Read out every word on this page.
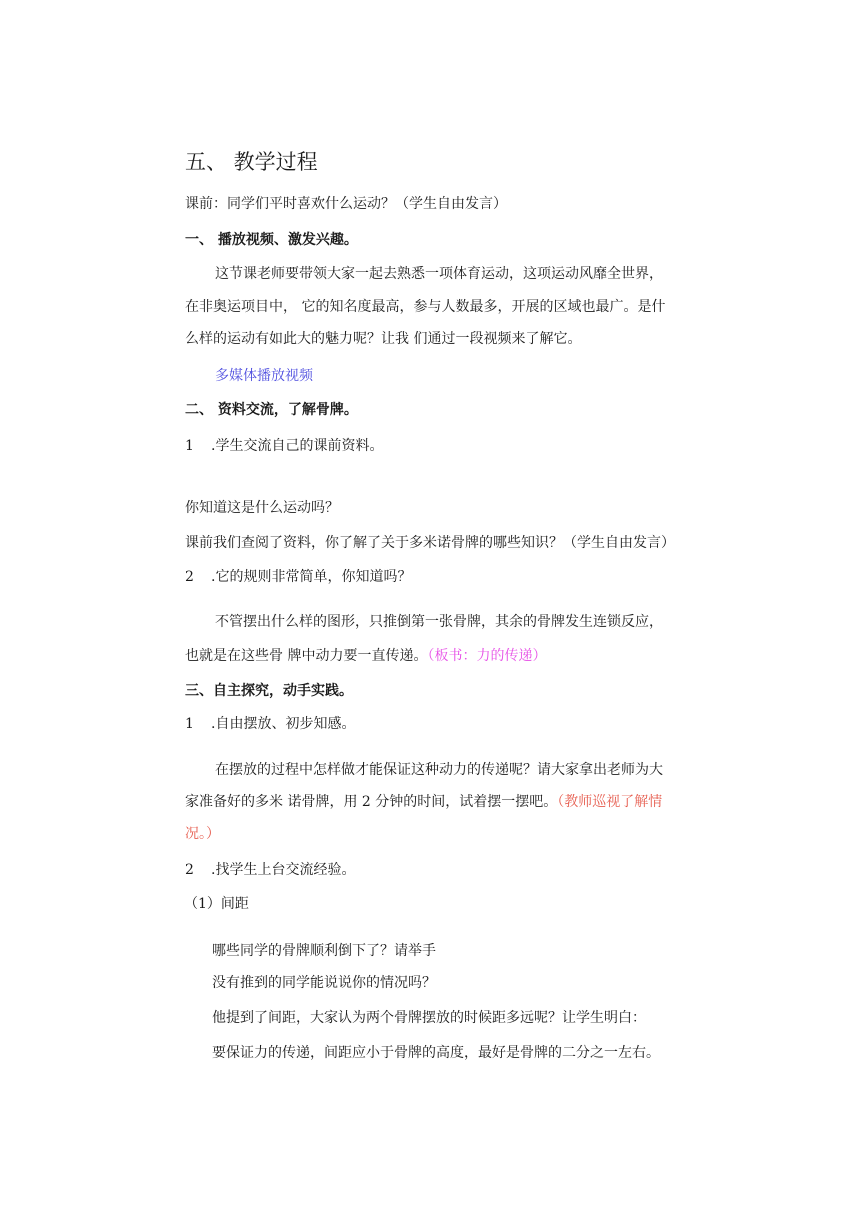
五、 教学过程
课前：同学们平时喜欢什么运动？（学生自由发言）
一、 播放视频、激发兴趣。
这节课老师要带领大家一起去熟悉一项体育运动，这项运动风靡全世界，
在非奥运项目中， 它的知名度最高，参与人数最多，开展的区域也最广。是什
么样的运动有如此大的魅力呢？让我 们通过一段视频来了解它。
多媒体播放视频
二、 资料交流，了解骨牌。
1 .学生交流自己的课前资料。
你知道这是什么运动吗？
课前我们查阅了资料，你了解了关于多米诺骨牌的哪些知识？（学生自由发言）
2 .它的规则非常简单，你知道吗？
不管摆出什么样的图形，只推倒第一张骨牌，其余的骨牌发生连锁反应，
也就是在这些骨 牌中动力要一直传递。（板书：力的传递）
三、自主探究，动手实践。
1 .自由摆放、初步知感。
在摆放的过程中怎样做才能保证这种动力的传递呢？请大家拿出老师为大
家准备好的多米 诺骨牌，用 2 分钟的时间，试着摆一摆吧。（教师巡视了解情
况。）
2 .找学生上台交流经验。
（1）间距
哪些同学的骨牌顺利倒下了？请举手
没有推到的同学能说说你的情况吗？
他提到了间距，大家认为两个骨牌摆放的时候距多远呢？让学生明白：
要保证力的传递，间距应小于骨牌的高度，最好是骨牌的二分之一左右。
